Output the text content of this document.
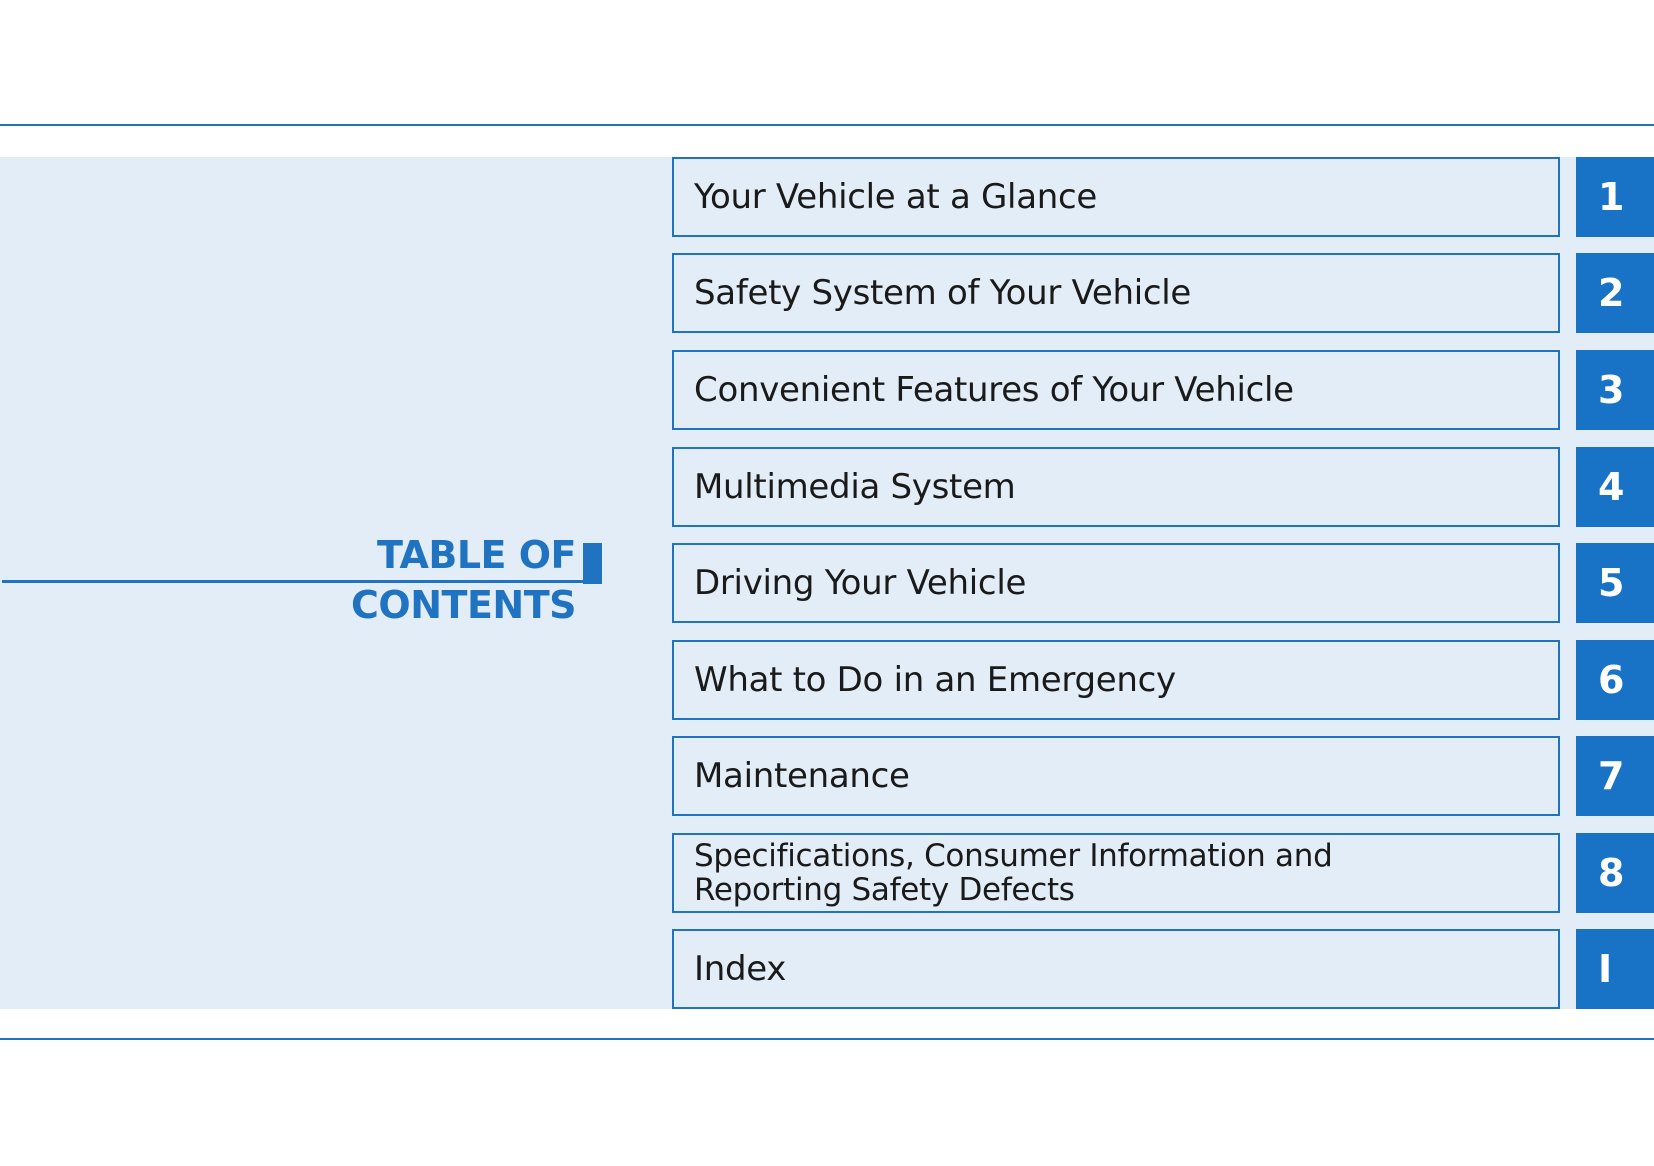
TABLE OF CONTENTS
Your Vehicle at a Glance	1
Safety System of Your Vehicle	2
Convenient Features of Your Vehicle	3
Multimedia System	4
Driving Your Vehicle	5
What to Do in an Emergency	6
Maintenance	7
Specifications, Consumer Information and
Reporting Safety Defects	8
Index	I
